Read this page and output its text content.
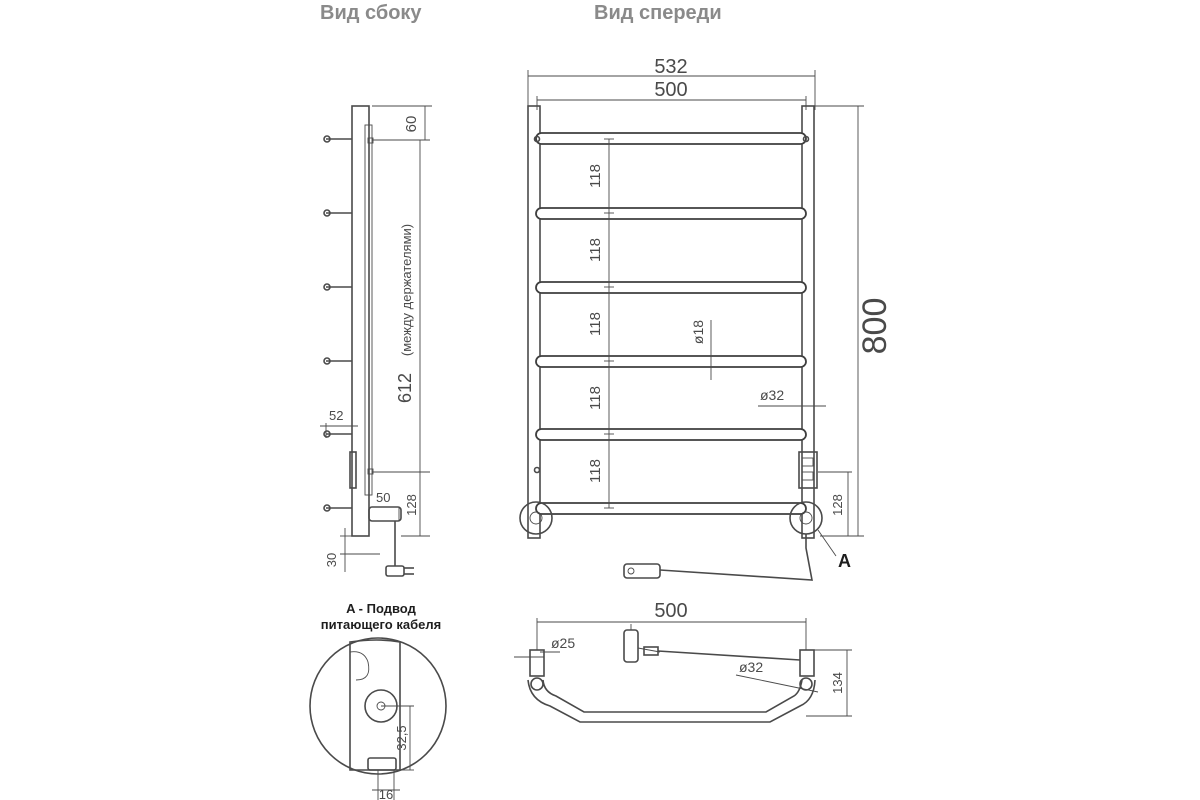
Вид сбоку	Вид спереди
60
612
(между держателями)
52
128
50
30
532
500
A
118
118
118
118
118
ø18
ø32
800
128
A - Подвод
питающего кабеля
32,5
16
500
ø25
ø32
134
